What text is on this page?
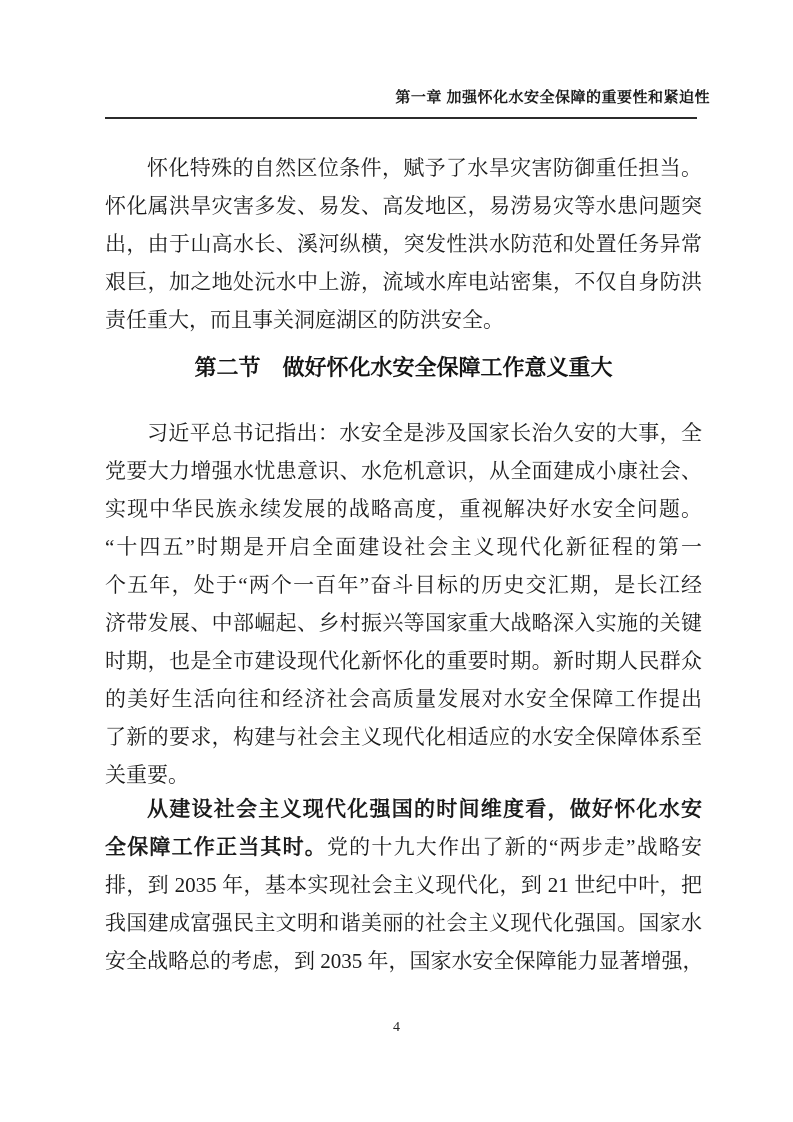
第一章 加强怀化水安全保障的重要性和紧迫性
怀化特殊的自然区位条件，赋予了水旱灾害防御重任担当。
怀化属洪旱灾害多发、易发、高发地区，易涝易灾等水患问题突
出，由于山高水长、溪河纵横，突发性洪水防范和处置任务异常
艰巨，加之地处沅水中上游，流域水库电站密集，不仅自身防洪
责任重大，而且事关洞庭湖区的防洪安全。
第二节　做好怀化水安全保障工作意义重大
习近平总书记指出：水安全是涉及国家长治久安的大事，全
党要大力增强水忧患意识、水危机意识，从全面建成小康社会、
实现中华民族永续发展的战略高度，重视解决好水安全问题。
“十四五”时期是开启全面建设社会主义现代化新征程的第一
个五年，处于“两个一百年”奋斗目标的历史交汇期，是长江经
济带发展、中部崛起、乡村振兴等国家重大战略深入实施的关键
时期，也是全市建设现代化新怀化的重要时期。新时期人民群众
的美好生活向往和经济社会高质量发展对水安全保障工作提出
了新的要求，构建与社会主义现代化相适应的水安全保障体系至
关重要。
从建设社会主义现代化强国的时间维度看，做好怀化水安
全保障工作正当其时。党的十九大作出了新的“两步走”战略安
排，到 2035 年，基本实现社会主义现代化，到 21 世纪中叶，把
我国建成富强民主文明和谐美丽的社会主义现代化强国。国家水
安全战略总的考虑，到 2035 年，国家水安全保障能力显著增强，
4
